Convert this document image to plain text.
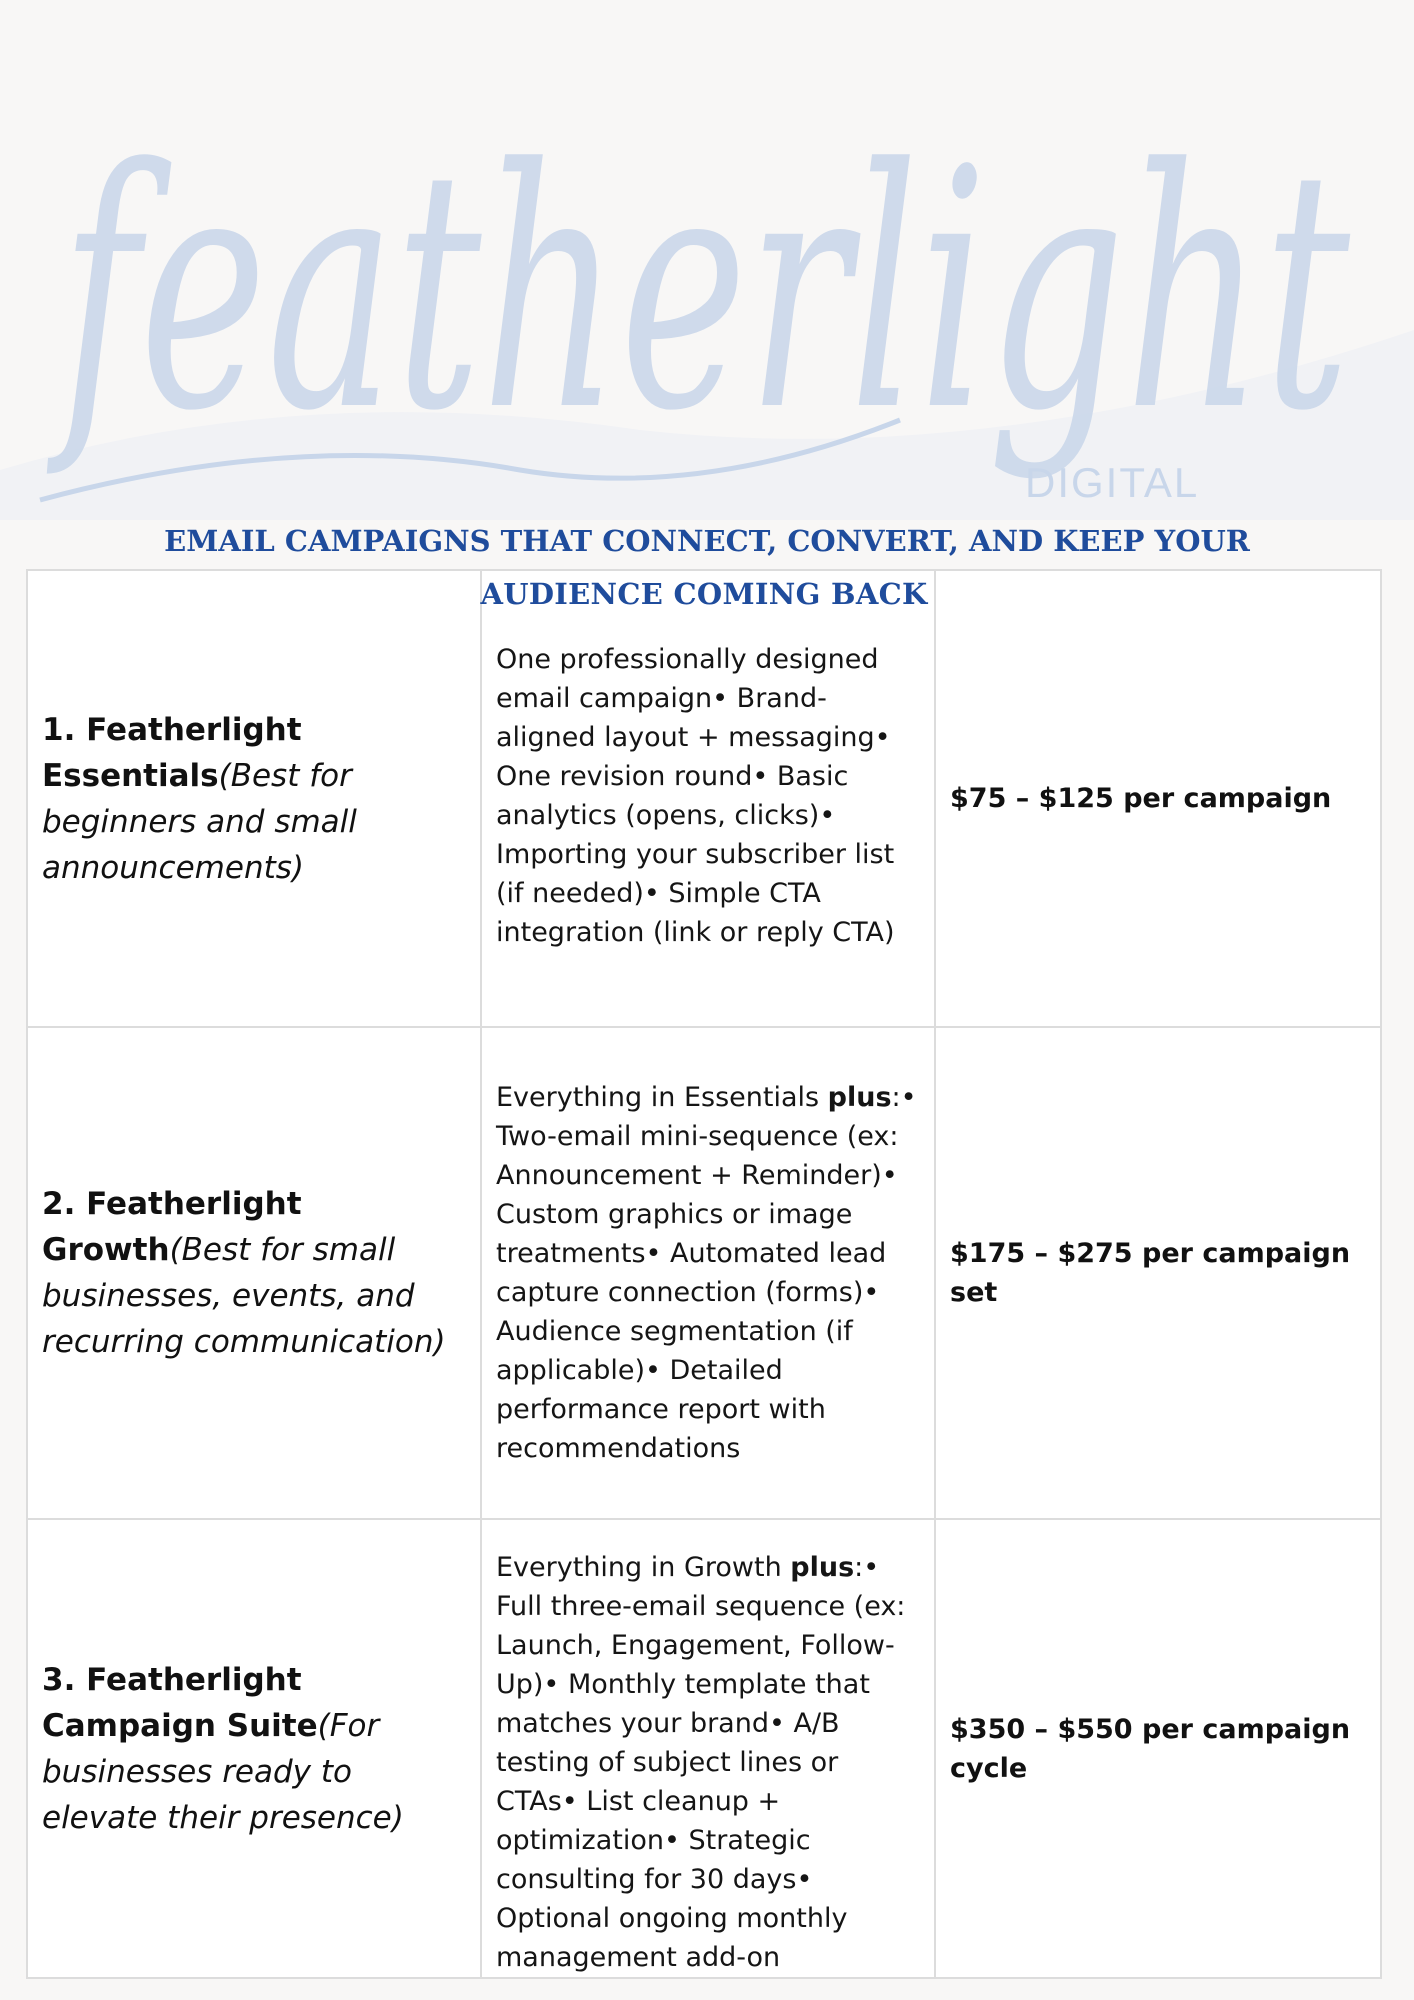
featherlight
DIGITAL
EMAIL CAMPAIGNS THAT CONNECT, CONVERT, AND KEEP YOUR
1. Featherlight Essentials(Best for beginners and small announcements)	One professionally designed email campaign• Brand-aligned layout + messaging• One revision round• Basic analytics (opens, clicks)• Importing your subscriber list (if needed)• Simple CTA integration (link or reply CTA)	$75 – $125 per campaign
2. Featherlight Growth(Best for small businesses, events, and recurring communication)	Everything in Essentials plus:• Two-email mini-sequence (ex: Announcement + Reminder)• Custom graphics or image treatments• Automated lead capture connection (forms)• Audience segmentation (if applicable)• Detailed performance report with recommendations	$175 – $275 per campaign set
3. Featherlight Campaign Suite(For businesses ready to elevate their presence)	Everything in Growth plus:• Full three-email sequence (ex: Launch, Engagement, Follow-Up)• Monthly template that matches your brand• A/B testing of subject lines or CTAs• List cleanup + optimization• Strategic consulting for 30 days• Optional ongoing monthly management add-on	$350 – $550 per campaign cycle
AUDIENCE COMING BACK
